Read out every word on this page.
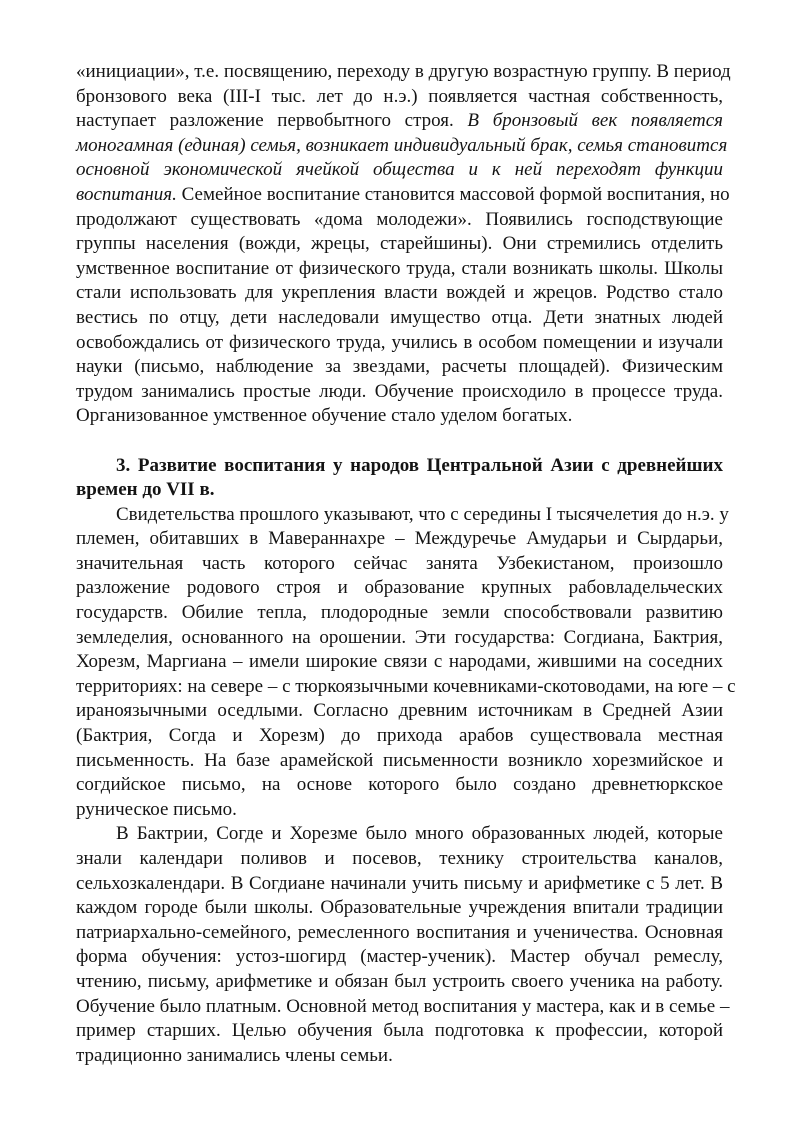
«инициации», т.е. посвящению, переходу в другую возрастную группу. В период
бронзового века (III-I тыс. лет до н.э.) появляется частная собственность,
наступает разложение первобытного строя. В бронзовый век появляется
моногамная (единая) семья, возникает индивидуальный брак, семья становится
основной экономической ячейкой общества и к ней переходят функции
воспитания. Семейное воспитание становится массовой формой воспитания, но
продолжают существовать «дома молодежи». Появились господствующие
группы населения (вожди, жрецы, старейшины). Они стремились отделить
умственное воспитание от физического труда, стали возникать школы. Школы
стали использовать для укрепления власти вождей и жрецов. Родство стало
вестись по отцу, дети наследовали имущество отца. Дети знатных людей
освобождались от физического труда, учились в особом помещении и изучали
науки (письмо, наблюдение за звездами, расчеты площадей). Физическим
трудом занимались простые люди. Обучение происходило в процессе труда.
Организованное умственное обучение стало уделом богатых.
3. Развитие воспитания у народов Центральной Азии с древнейших
времен до VII в.
Свидетельства прошлого указывают, что с середины I тысячелетия до н.э. у
племен, обитавших в Мавераннахре – Междуречье Амударьи и Сырдарьи,
значительная часть которого сейчас занята Узбекистаном, произошло
разложение родового строя и образование крупных рабовладельческих
государств. Обилие тепла, плодородные земли способствовали развитию
земледелия, основанного на орошении. Эти государства: Согдиана, Бактрия,
Хорезм, Маргиана – имели широкие связи с народами, жившими на соседних
территориях: на севере – с тюркоязычными кочевниками-скотоводами, на юге – с
ираноязычными оседлыми. Согласно древним источникам в Средней Азии
(Бактрия, Согда и Хорезм) до прихода арабов существовала местная
письменность. На базе арамейской письменности возникло хорезмийское и
согдийское письмо, на основе которого было создано древнетюркское
руническое письмо.
В Бактрии, Согде и Хорезме было много образованных людей, которые
знали календари поливов и посевов, технику строительства каналов,
сельхозкалендари. В Согдиане начинали учить письму и арифметике с 5 лет. В
каждом городе были школы. Образовательные учреждения впитали традиции
патриархально-семейного, ремесленного воспитания и ученичества. Основная
форма обучения: устоз-шогирд (мастер-ученик). Мастер обучал ремеслу,
чтению, письму, арифметике и обязан был устроить своего ученика на работу.
Обучение было платным. Основной метод воспитания у мастера, как и в семье –
пример старших. Целью обучения была подготовка к профессии, которой
традиционно занимались члены семьи.
